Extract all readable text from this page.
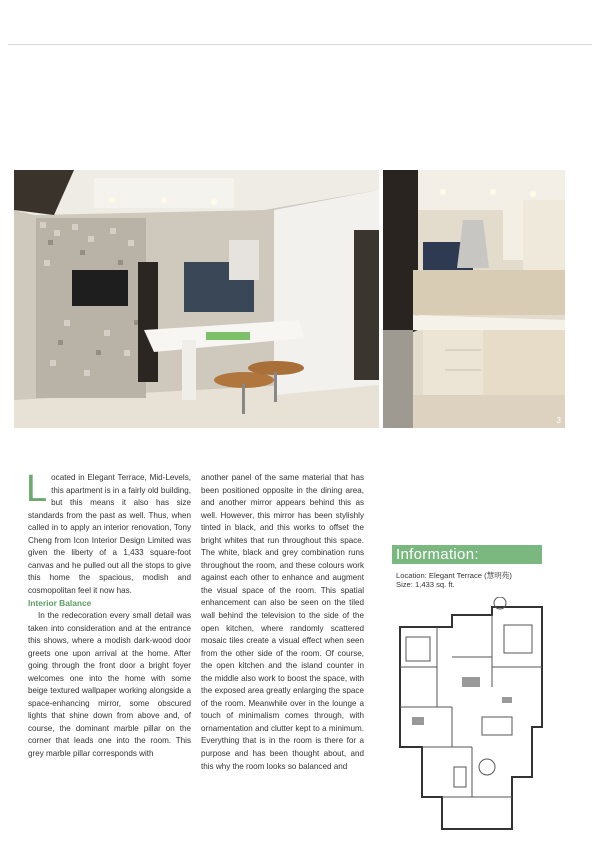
3

Located in Elegant Terrace, Mid-Levels, this apartment is in a fairly old building, but this means it also has size standards from the past as well. Thus, when called in to apply an interior renovation, Tony Cheng from Icon Interior Design Limited was given the liberty of a 1,433 square-foot canvas and he pulled out all the stops to give this home the spacious, modish and cosmopolitan feel it now has.

Interior Balance

In the redecoration every small detail was taken into consideration and at the entrance this shows, where a modish dark-wood door greets one upon arrival at the home. After going through the front door a bright foyer welcomes one into the home with some beige textured wallpaper working alongside a space-enhancing mirror, some obscured lights that shine down from above and, of course, the dominant marble pillar on the corner that leads one into the room. This grey marble pillar corresponds with

another panel of the same material that has been positioned opposite in the dining area, and another mirror appears behind this as well. However, this mirror has been stylishly tinted in black, and this works to offset the bright whites that run throughout this space. The white, black and grey combination runs throughout the room, and these colours work against each other to enhance and augment the visual space of the room. This spatial enhancement can also be seen on the tiled wall behind the television to the side of the open kitchen, where randomly scattered mosaic tiles create a visual effect when seen from the other side of the room. Of course, the open kitchen and the island counter in the middle also work to boost the space, with the exposed area greatly enlarging the space of the room. Meanwhile over in the lounge a touch of minimalism comes through, with ornamentation and clutter kept to a minimum. Everything that is in the room is there for a purpose and has been thought about, and this why the room looks so balanced and

Information:
Location: Elegant Terrace (慧明苑)
Size: 1,433 sq. ft.
